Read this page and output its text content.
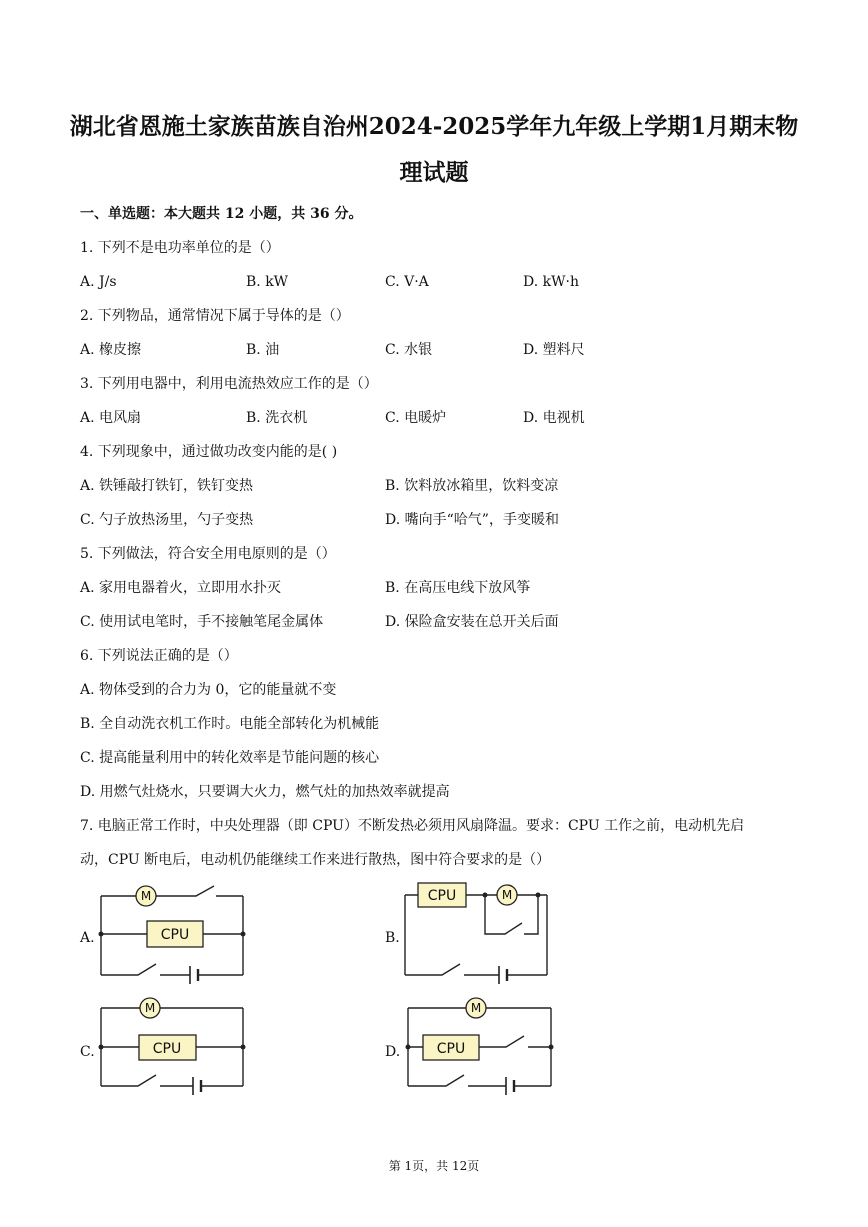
湖北省恩施土家族苗族自治州2024-2025学年九年级上学期1月期末物
理试题
一、单选题：本大题共 12 小题，共 36 分。
1. 下列不是电功率单位的是（）
A. J/s	B. kW	C. V·A	D. kW·h
2. 下列物品，通常情况下属于导体的是（）
A. 橡皮擦	B. 油	C. 水银	D. 塑料尺
3. 下列用电器中，利用电流热效应工作的是（）
A. 电风扇	B. 洗衣机	C. 电暖炉	D. 电视机
4. 下列现象中，通过做功改变内能的是( )
A. 铁锤敲打铁钉，铁钉变热	B. 饮料放冰箱里，饮料变凉
C. 勺子放热汤里，勺子变热	D. 嘴向手“哈气”，手变暖和
5. 下列做法，符合安全用电原则的是（）
A. 家用电器着火，立即用水扑灭	B. 在高压电线下放风筝
C. 使用试电笔时，手不接触笔尾金属体	D. 保险盒安装在总开关后面
6. 下列说法正确的是（）
A. 物体受到的合力为 0，它的能量就不变
B. 全自动洗衣机工作时。电能全部转化为机械能
C. 提高能量利用中的转化效率是节能问题的核心
D. 用燃气灶烧水，只要调大火力，燃气灶的加热效率就提高
7. 电脑正常工作时，中央处理器（即 CPU）不断发热必须用风扇降温。要求：CPU 工作之前，电动机先启
动，CPU 断电后，电动机仍能继续工作来进行散热，图中符合要求的是（）
A.
M
CPU	B.
CPU	M
C.
M
CPU	D.
M
CPU
第 1页，共 12页
